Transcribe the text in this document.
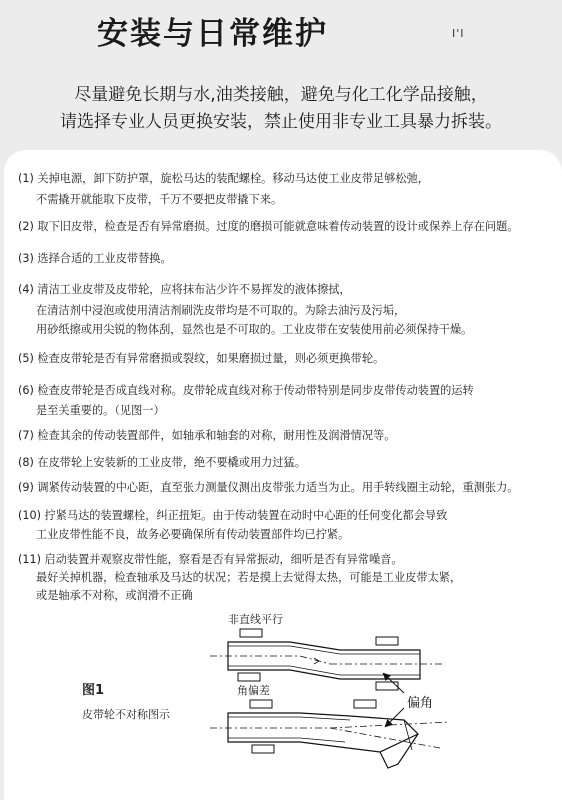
安装与日常维护	I'I
尽量避免长期与水,油类接触，避免与化工化学品接触，
请选择专业人员更换安装，禁止使用非专业工具暴力拆装。
(1) 关掉电源，卸下防护罩，旋松马达的装配螺栓。移动马达使工业皮带足够松弛，
不需撬开就能取下皮带，千万不要把皮带撬下来。
(2) 取下旧皮带，检查是否有异常磨损。过度的磨损可能就意味着传动装置的设计或保养上存在问题。
(3) 选择合适的工业皮带替换。
(4) 清洁工业皮带及皮带轮，应将抹布沾少许不易挥发的液体擦拭，
在清洁剂中浸泡或使用清洁剂刷洗皮带均是不可取的。为除去油污及污垢，
用砂纸擦或用尖锐的物体刮，显然也是不可取的。工业皮带在安装使用前必须保持干燥。
(5) 检查皮带轮是否有异常磨损或裂纹，如果磨损过量，则必须更换带轮。
(6) 检查皮带轮是否成直线对称。皮带轮成直线对称于传动带特别是同步皮带传动装置的运转
是至关重要的。（见图一）
(7) 检查其余的传动装置部件，如轴承和轴套的对称，耐用性及润滑情况等。
(8) 在皮带轮上安装新的工业皮带，绝不要橇或用力过猛。
(9) 调紧传动装置的中心距，直至张力测量仪测出皮带张力适当为止。用手转线圈主动轮，重测张力。
(10) 拧紧马达的装置螺栓，纠正扭矩。由于传动装置在动时中心距的任何变化都会导致
工业皮带性能不良，故务必要确保所有传动装置部件均已拧紧。
(11) 启动装置并观察皮带性能，察看是否有异常振动，细听是否有异常噪音。
最好关掉机器，检查轴承及马达的状况；若是摸上去觉得太热，可能是工业皮带太紧，
或是轴承不对称，或润滑不正确
图1
皮带轮不对称图示
非直线平行
角偏差
偏角
